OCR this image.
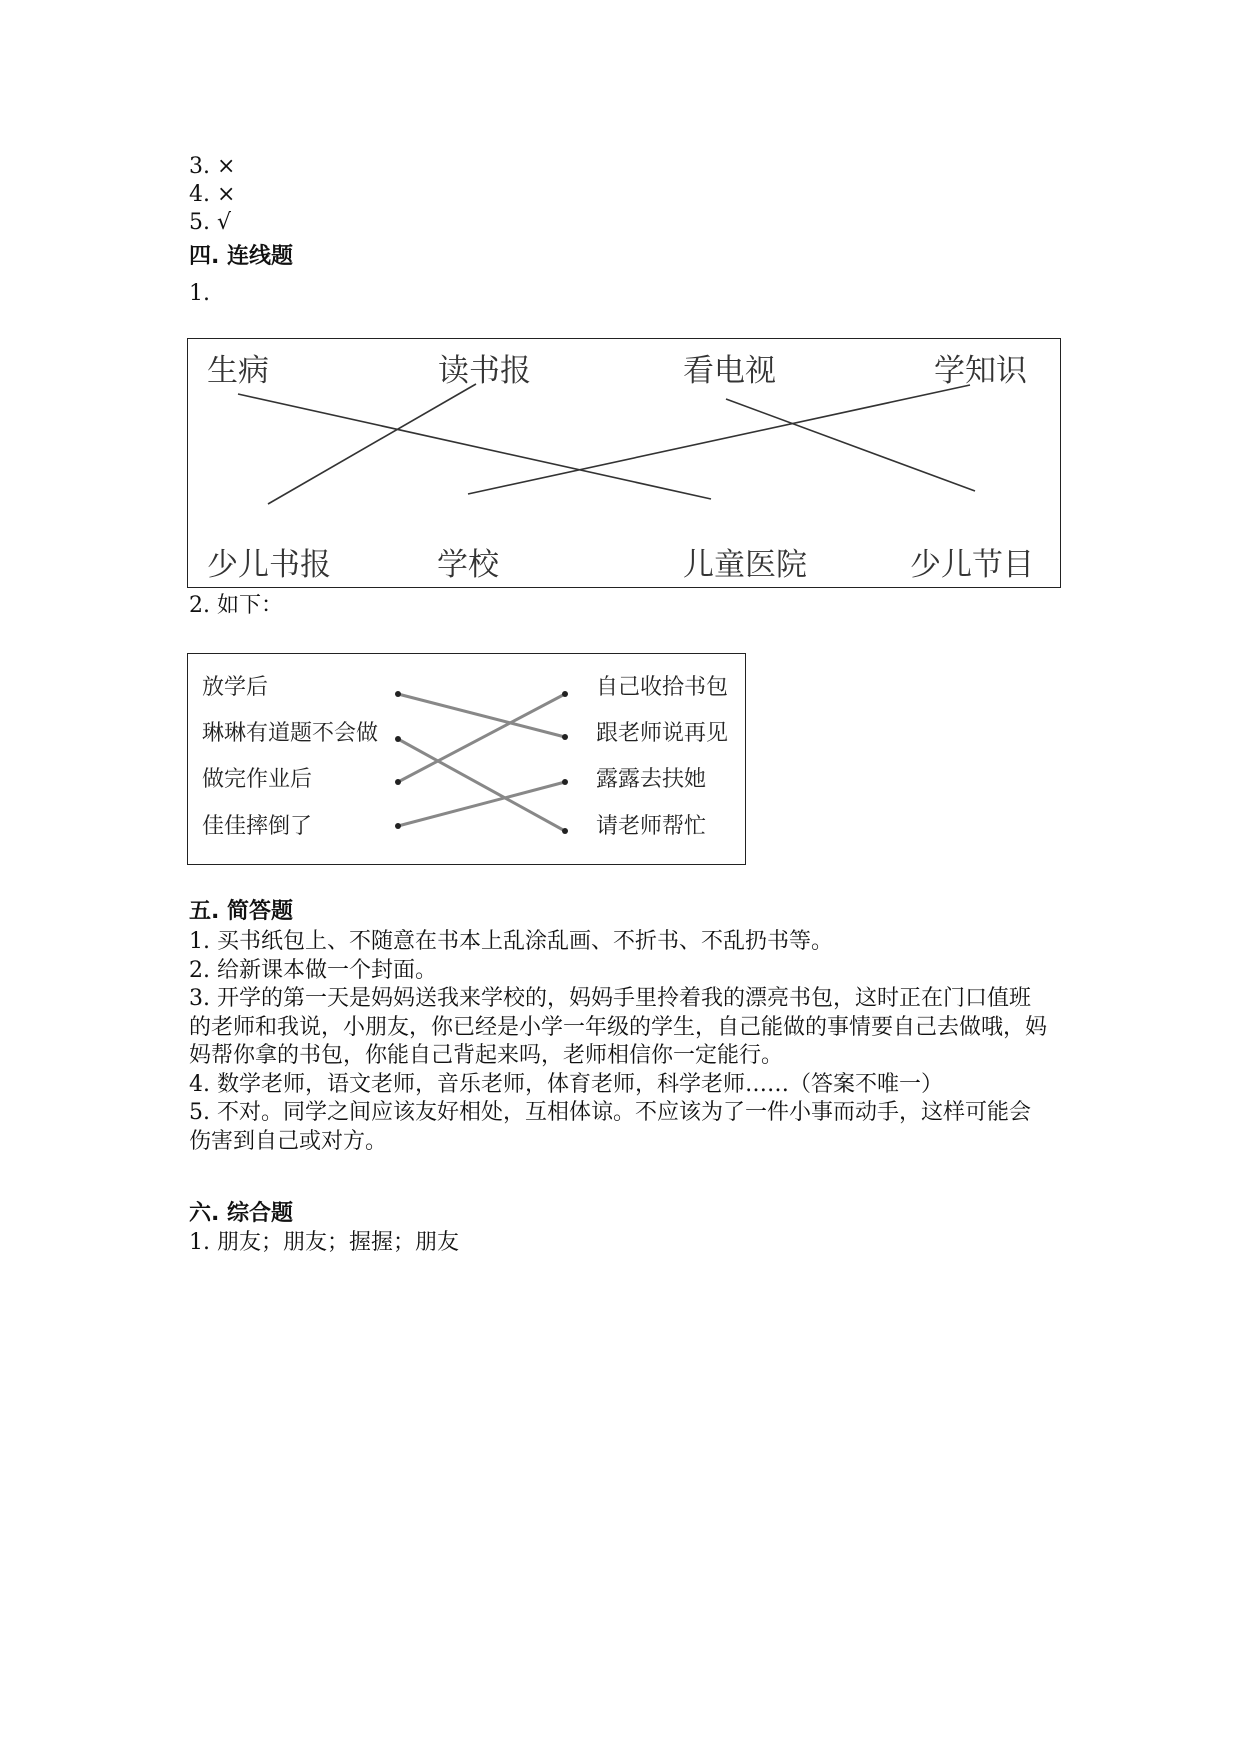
3. ×
4. ×
5. √
四. 连线题
1.
生病	读书报	看电视	学知识
少儿书报	学校	儿童医院	少儿节目
2. 如下：
放学后
琳琳有道题不会做
做完作业后
佳佳摔倒了
自己收拾书包
跟老师说再见
露露去扶她
请老师帮忙
五. 简答题

1. 买书纸包上、不随意在书本上乱涂乱画、不折书、不乱扔书等。

2. 给新课本做一个封面。

3. 开学的第一天是妈妈送我来学校的，妈妈手里拎着我的漂亮书包，这时正在门口值班的老师和我说，小朋友，你已经是小学一年级的学生，自己能做的事情要自己去做哦，妈妈帮你拿的书包，你能自己背起来吗，老师相信你一定能行。

4. 数学老师，语文老师，音乐老师，体育老师，科学老师……（答案不唯一）

5. 不对。同学之间应该友好相处，互相体谅。不应该为了一件小事而动手，这样可能会伤害到自己或对方。

六. 综合题
1. 朋友；朋友；握握；朋友
